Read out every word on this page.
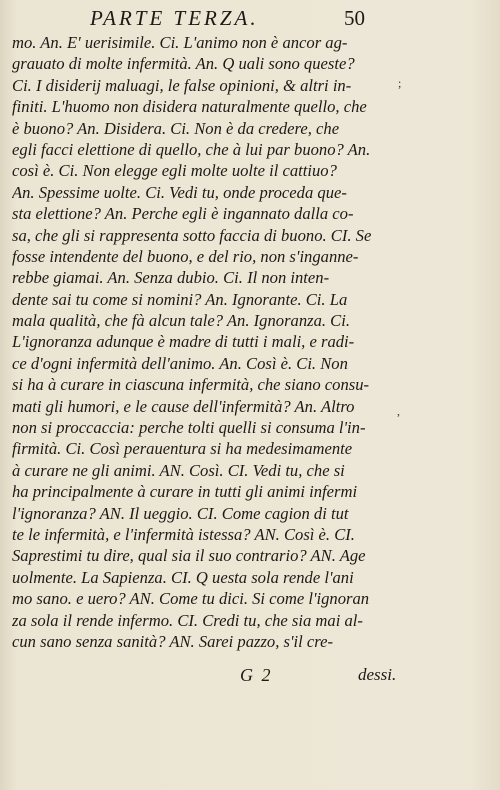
PARTE TERZA.	50
mo. An. E' uerisimile. Ci. L'animo non è ancor ag-
grauato di molte infermità. An. Q uali sono queste?
Ci. I disiderij maluagi, le false opinioni, & altri in-
finiti. L'huomo non disidera naturalmente quello, che
è buono? An. Disidera. Ci. Non è da credere, che
egli facci elettione di quello, che à lui par buono? An.
così è. Ci. Non elegge egli molte uolte il cattiuo?
An. Spessime uolte. Ci. Vedi tu, onde proceda que-
sta elettione? An. Perche egli è ingannato dalla co-
sa, che gli si rappresenta sotto faccia di buono. CI. Se
fosse intendente del buono, e del rio, non s'inganne-
rebbe giamai. An. Senza dubio. Ci. Il non inten-
dente sai tu come si nomini? An. Ignorante. Ci. La
mala qualità, che fà alcun tale? An. Ignoranza. Ci.
L'ignoranza adunque è madre di tutti i mali, e radi-
ce d'ogni infermità dell'animo. An. Così è. Ci. Non
si ha à curare in ciascuna infermità, che siano consu-
mati gli humori, e le cause dell'infermità? An. Altro
non si proccaccia: perche tolti quelli si consuma l'in-
firmità. Ci. Così perauentura si ha medesimamente
à curare ne gli animi. AN. Così. CI. Vedi tu, che si
ha principalmente à curare in tutti gli animi infermi
l'ignoranza? AN. Il ueggio. CI. Come cagion di tut
te le infermità, e l'infermità istessa? AN. Così è. CI.
Saprestimi tu dire, qual sia il suo contrario? AN. Age
uolmente. La Sapienza. CI. Q uesta sola rende l'ani
mo sano. e uero? AN. Come tu dici. Si come l'ignoran
za sola il rende infermo. CI. Credi tu, che sia mai al-
cun sano senza sanità? AN. Sarei pazzo, s'il cre-
;
,
G 2	dessi.
